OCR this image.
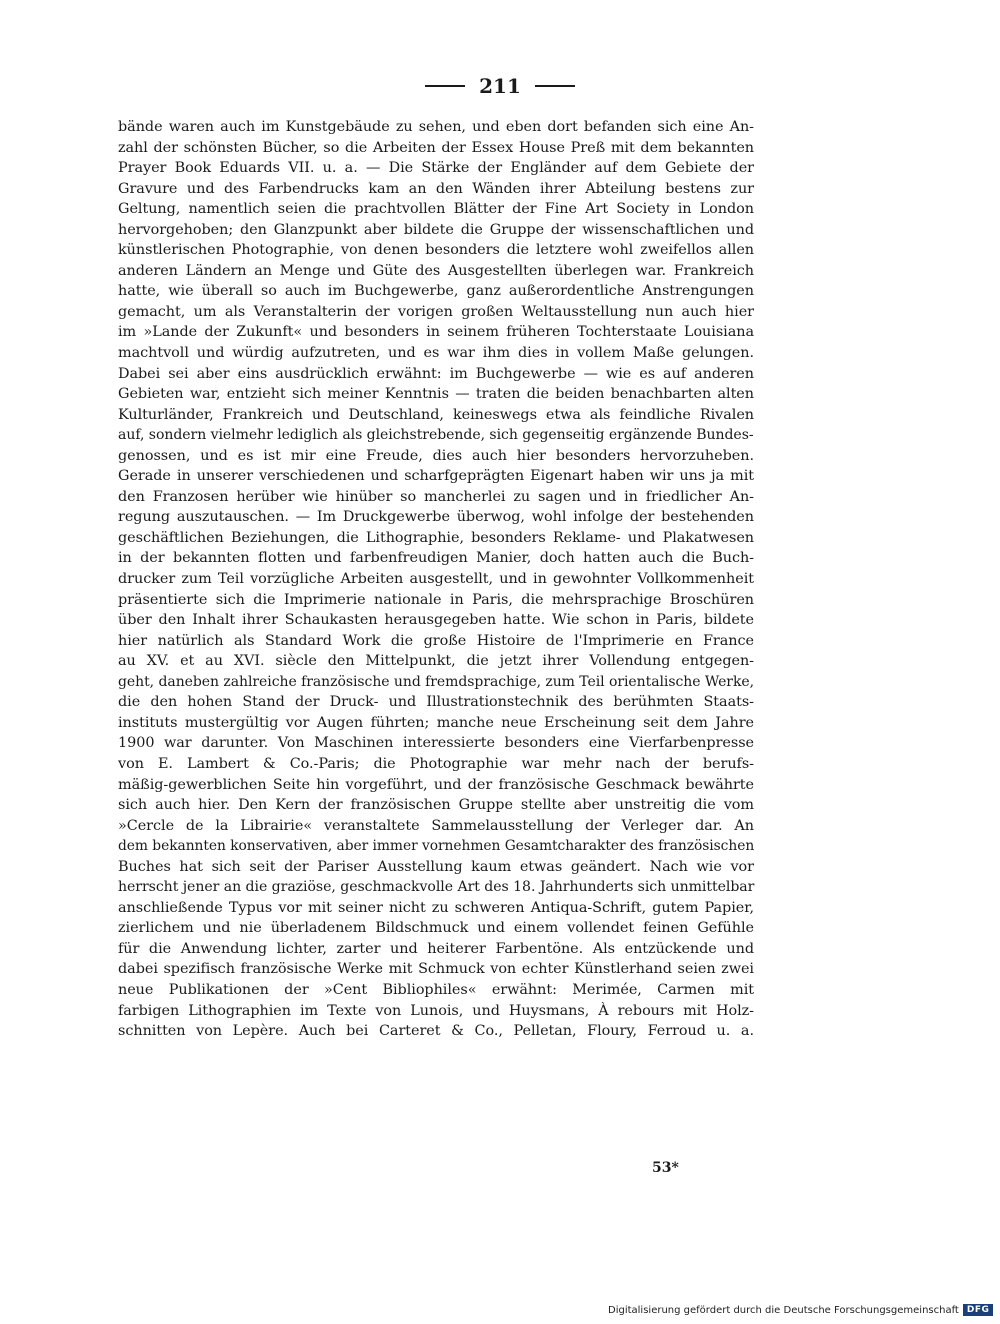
211
bände waren auch im Kunstgebäude zu sehen, und eben dort befanden sich eine An-
zahl der schönsten Bücher, so die Arbeiten der Essex House Preß mit dem bekannten
Prayer Book Eduards VII. u. a. — Die Stärke der Engländer auf dem Gebiete der
Gravure und des Farbendrucks kam an den Wänden ihrer Abteilung bestens zur
Geltung, namentlich seien die prachtvollen Blätter der Fine Art Society in London
hervorgehoben; den Glanzpunkt aber bildete die Gruppe der wissenschaftlichen und
künstlerischen Photographie, von denen besonders die letztere wohl zweifellos allen
anderen Ländern an Menge und Güte des Ausgestellten überlegen war. Frankreich
hatte, wie überall so auch im Buchgewerbe, ganz außerordentliche Anstrengungen
gemacht, um als Veranstalterin der vorigen großen Weltausstellung nun auch hier
im »Lande der Zukunft« und besonders in seinem früheren Tochterstaate Louisiana
machtvoll und würdig aufzutreten, und es war ihm dies in vollem Maße gelungen.
Dabei sei aber eins ausdrücklich erwähnt: im Buchgewerbe — wie es auf anderen
Gebieten war, entzieht sich meiner Kenntnis — traten die beiden benachbarten alten
Kulturländer, Frankreich und Deutschland, keineswegs etwa als feindliche Rivalen
auf, sondern vielmehr lediglich als gleichstrebende, sich gegenseitig ergänzende Bundes-
genossen, und es ist mir eine Freude, dies auch hier besonders hervorzuheben.
Gerade in unserer verschiedenen und scharfgeprägten Eigenart haben wir uns ja mit
den Franzosen herüber wie hinüber so mancherlei zu sagen und in friedlicher An-
regung auszutauschen. — Im Druckgewerbe überwog, wohl infolge der bestehenden
geschäftlichen Beziehungen, die Lithographie, besonders Reklame- und Plakatwesen
in der bekannten flotten und farbenfreudigen Manier, doch hatten auch die Buch-
drucker zum Teil vorzügliche Arbeiten ausgestellt, und in gewohnter Vollkommenheit
präsentierte sich die Imprimerie nationale in Paris, die mehrsprachige Broschüren
über den Inhalt ihrer Schaukasten herausgegeben hatte. Wie schon in Paris, bildete
hier natürlich als Standard Work die große Histoire de l'Imprimerie en France
au XV. et au XVI. siècle den Mittelpunkt, die jetzt ihrer Vollendung entgegen-
geht, daneben zahlreiche französische und fremdsprachige, zum Teil orientalische Werke,
die den hohen Stand der Druck- und Illustrationstechnik des berühmten Staats-
instituts mustergültig vor Augen führten; manche neue Erscheinung seit dem Jahre
1900 war darunter. Von Maschinen interessierte besonders eine Vierfarbenpresse
von E. Lambert & Co.-Paris; die Photographie war mehr nach der berufs-
mäßig-gewerblichen Seite hin vorgeführt, und der französische Geschmack bewährte
sich auch hier. Den Kern der französischen Gruppe stellte aber unstreitig die vom
»Cercle de la Librairie« veranstaltete Sammelausstellung der Verleger dar. An
dem bekannten konservativen, aber immer vornehmen Gesamtcharakter des französischen
Buches hat sich seit der Pariser Ausstellung kaum etwas geändert. Nach wie vor
herrscht jener an die graziöse, geschmackvolle Art des 18. Jahrhunderts sich unmittelbar
anschließende Typus vor mit seiner nicht zu schweren Antiqua-Schrift, gutem Papier,
zierlichem und nie überladenem Bildschmuck und einem vollendet feinen Gefühle
für die Anwendung lichter, zarter und heiterer Farbentöne. Als entzückende und
dabei spezifisch französische Werke mit Schmuck von echter Künstlerhand seien zwei
neue Publikationen der »Cent Bibliophiles« erwähnt: Merimée, Carmen mit
farbigen Lithographien im Texte von Lunois, und Huysmans, À rebours mit Holz-
schnitten von Lepère. Auch bei Carteret & Co., Pelletan, Floury, Ferroud u. a.
53*
Digitalisierung gefördert durch die Deutsche Forschungsgemeinschaft DFG
